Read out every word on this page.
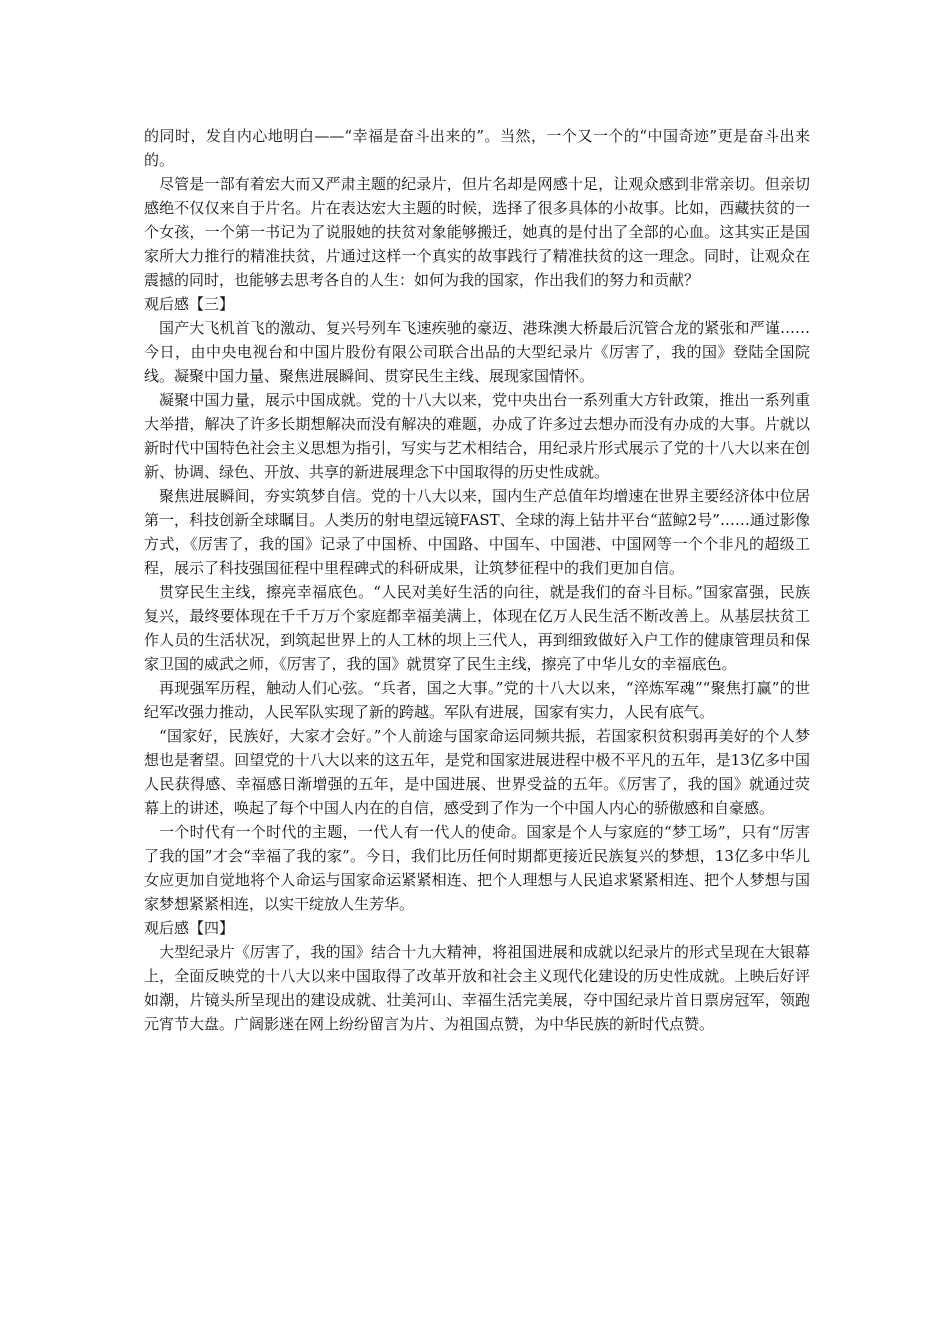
的同时，发自内心地明白——“幸福是奋斗出来的”。当然，一个又一个的“中国奇迹”更是奋斗出来的。

尽管是一部有着宏大而又严肃主题的纪录片，但片名却是网感十足，让观众感到非常亲切。但亲切感绝不仅仅来自于片名。片在表达宏大主题的时候，选择了很多具体的小故事。比如，西藏扶贫的一个女孩，一个第一书记为了说服她的扶贫对象能够搬迁，她真的是付出了全部的心血。这其实正是国家所大力推行的精准扶贫，片通过这样一个真实的故事践行了精准扶贫的这一理念。同时，让观众在震撼的同时，也能够去思考各自的人生：如何为我的国家，作出我们的努力和贡献？

观后感【三】

国产大飞机首飞的激动、复兴号列车飞速疾驰的豪迈、港珠澳大桥最后沉管合龙的紧张和严谨……今日，由中央电视台和中国片股份有限公司联合出品的大型纪录片《厉害了，我的国》登陆全国院线。凝聚中国力量、聚焦进展瞬间、贯穿民生主线、展现家国情怀。

凝聚中国力量，展示中国成就。党的十八大以来，党中央出台一系列重大方针政策，推出一系列重大举措，解决了许多长期想解决而没有解决的难题，办成了许多过去想办而没有办成的大事。片就以新时代中国特色社会主义思想为指引，写实与艺术相结合，用纪录片形式展示了党的十八大以来在创新、协调、绿色、开放、共享的新进展理念下中国取得的历史性成就。

聚焦进展瞬间，夯实筑梦自信。党的十八大以来，国内生产总值年均增速在世界主要经济体中位居第一，科技创新全球瞩目。人类历的射电望远镜FAST、全球的海上钻井平台“蓝鲸2号”……通过影像方式，《厉害了，我的国》记录了中国桥、中国路、中国车、中国港、中国网等一个个非凡的超级工程，展示了科技强国征程中里程碑式的科研成果，让筑梦征程中的我们更加自信。

贯穿民生主线，擦亮幸福底色。“人民对美好生活的向往，就是我们的奋斗目标。”国家富强，民族复兴，最终要体现在千千万万个家庭都幸福美满上，体现在亿万人民生活不断改善上。从基层扶贫工作人员的生活状况，到筑起世界上的人工林的坝上三代人，再到细致做好入户工作的健康管理员和保家卫国的威武之师，《厉害了，我的国》就贯穿了民生主线，擦亮了中华儿女的幸福底色。

再现强军历程，触动人们心弦。“兵者，国之大事。”党的十八大以来，“淬炼军魂”“聚焦打赢”的世纪军改强力推动，人民军队实现了新的跨越。军队有进展，国家有实力，人民有底气。

“国家好，民族好，大家才会好。”个人前途与国家命运同频共振，若国家积贫积弱再美好的个人梦想也是奢望。回望党的十八大以来的这五年，是党和国家进展进程中极不平凡的五年，是13亿多中国人民获得感、幸福感日渐增强的五年，是中国进展、世界受益的五年。《厉害了，我的国》就通过荧幕上的讲述，唤起了每个中国人内在的自信，感受到了作为一个中国人内心的骄傲感和自豪感。

一个时代有一个时代的主题，一代人有一代人的使命。国家是个人与家庭的“梦工场”，只有“厉害了我的国”才会“幸福了我的家”。今日，我们比历任何时期都更接近民族复兴的梦想，13亿多中华儿女应更加自觉地将个人命运与国家命运紧紧相连、把个人理想与人民追求紧紧相连、把个人梦想与国家梦想紧紧相连，以实干绽放人生芳华。

观后感【四】

大型纪录片《厉害了，我的国》结合十九大精神，将祖国进展和成就以纪录片的形式呈现在大银幕上，全面反映党的十八大以来中国取得了改革开放和社会主义现代化建设的历史性成就。上映后好评如潮，片镜头所呈现出的建设成就、壮美河山、幸福生活完美展，夺中国纪录片首日票房冠军，领跑元宵节大盘。广阔影迷在网上纷纷留言为片、为祖国点赞，为中华民族的新时代点赞。
